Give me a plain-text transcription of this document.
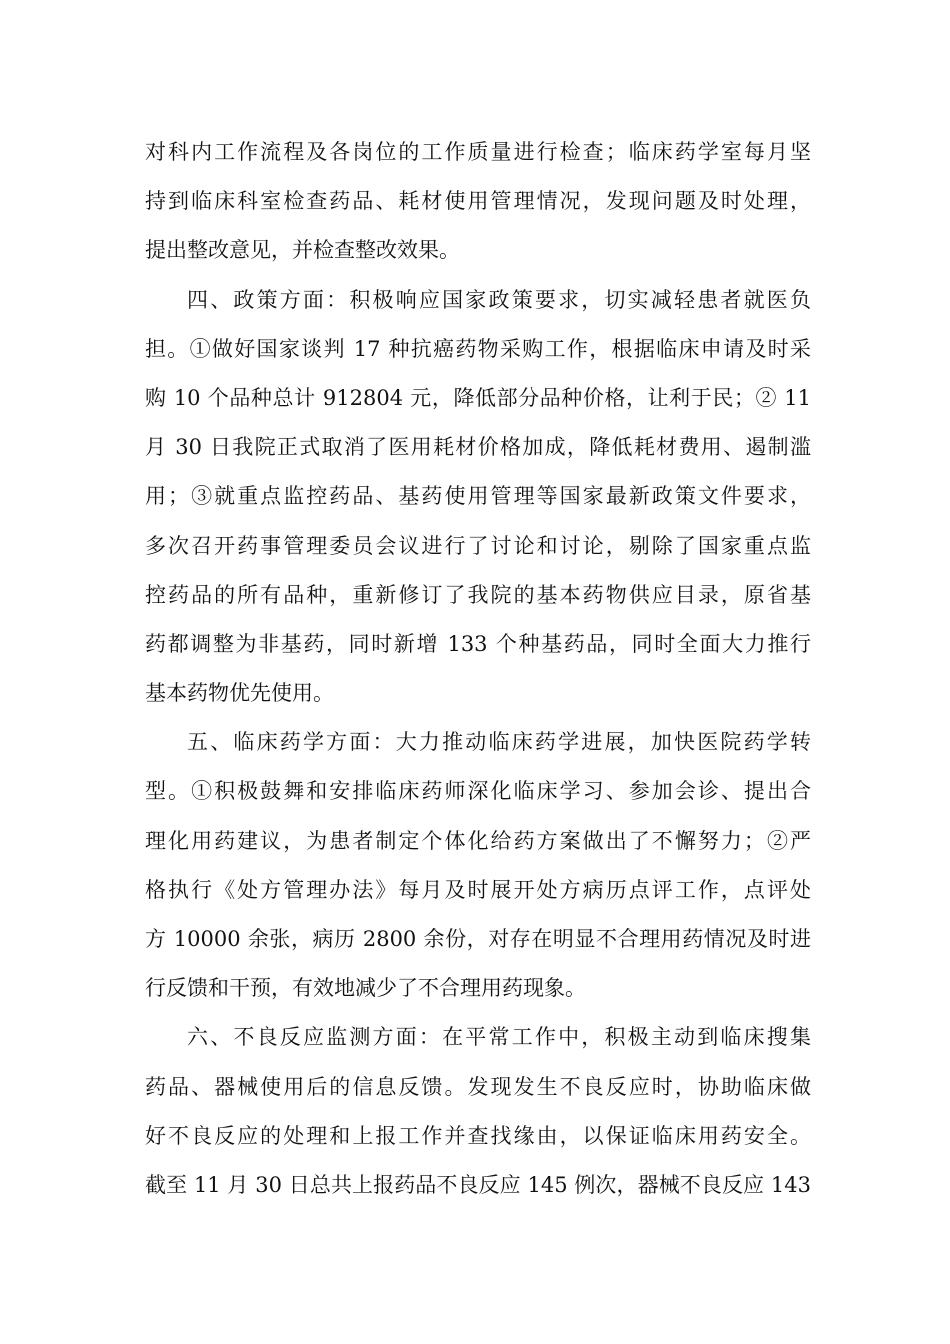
对科内工作流程及各岗位的工作质量进行检查；临床药学室每月坚
持到临床科室检查药品、耗材使用管理情况，发现问题及时处理，
提出整改意见，并检查整改效果。
四、政策方面：积极响应国家政策要求，切实减轻患者就医负
担。①做好国家谈判 17 种抗癌药物采购工作，根据临床申请及时采
购 10 个品种总计 912804 元，降低部分品种价格，让利于民；② 11
月 30 日我院正式取消了医用耗材价格加成，降低耗材费用、遏制滥
用；③就重点监控药品、基药使用管理等国家最新政策文件要求，
多次召开药事管理委员会议进行了讨论和讨论，剔除了国家重点监
控药品的所有品种，重新修订了我院的基本药物供应目录，原省基
药都调整为非基药，同时新增 133 个种基药品，同时全面大力推行
基本药物优先使用。
五、临床药学方面：大力推动临床药学进展，加快医院药学转
型。①积极鼓舞和安排临床药师深化临床学习、参加会诊、提出合
理化用药建议，为患者制定个体化给药方案做出了不懈努力；②严
格执行《处方管理办法》每月及时展开处方病历点评工作，点评处
方 10000 余张，病历 2800 余份，对存在明显不合理用药情况及时进
行反馈和干预，有效地减少了不合理用药现象。
六、不良反应监测方面：在平常工作中，积极主动到临床搜集
药品、器械使用后的信息反馈。发现发生不良反应时，协助临床做
好不良反应的处理和上报工作并查找缘由，以保证临床用药安全。
截至 11 月 30 日总共上报药品不良反应 145 例次，器械不良反应 143
